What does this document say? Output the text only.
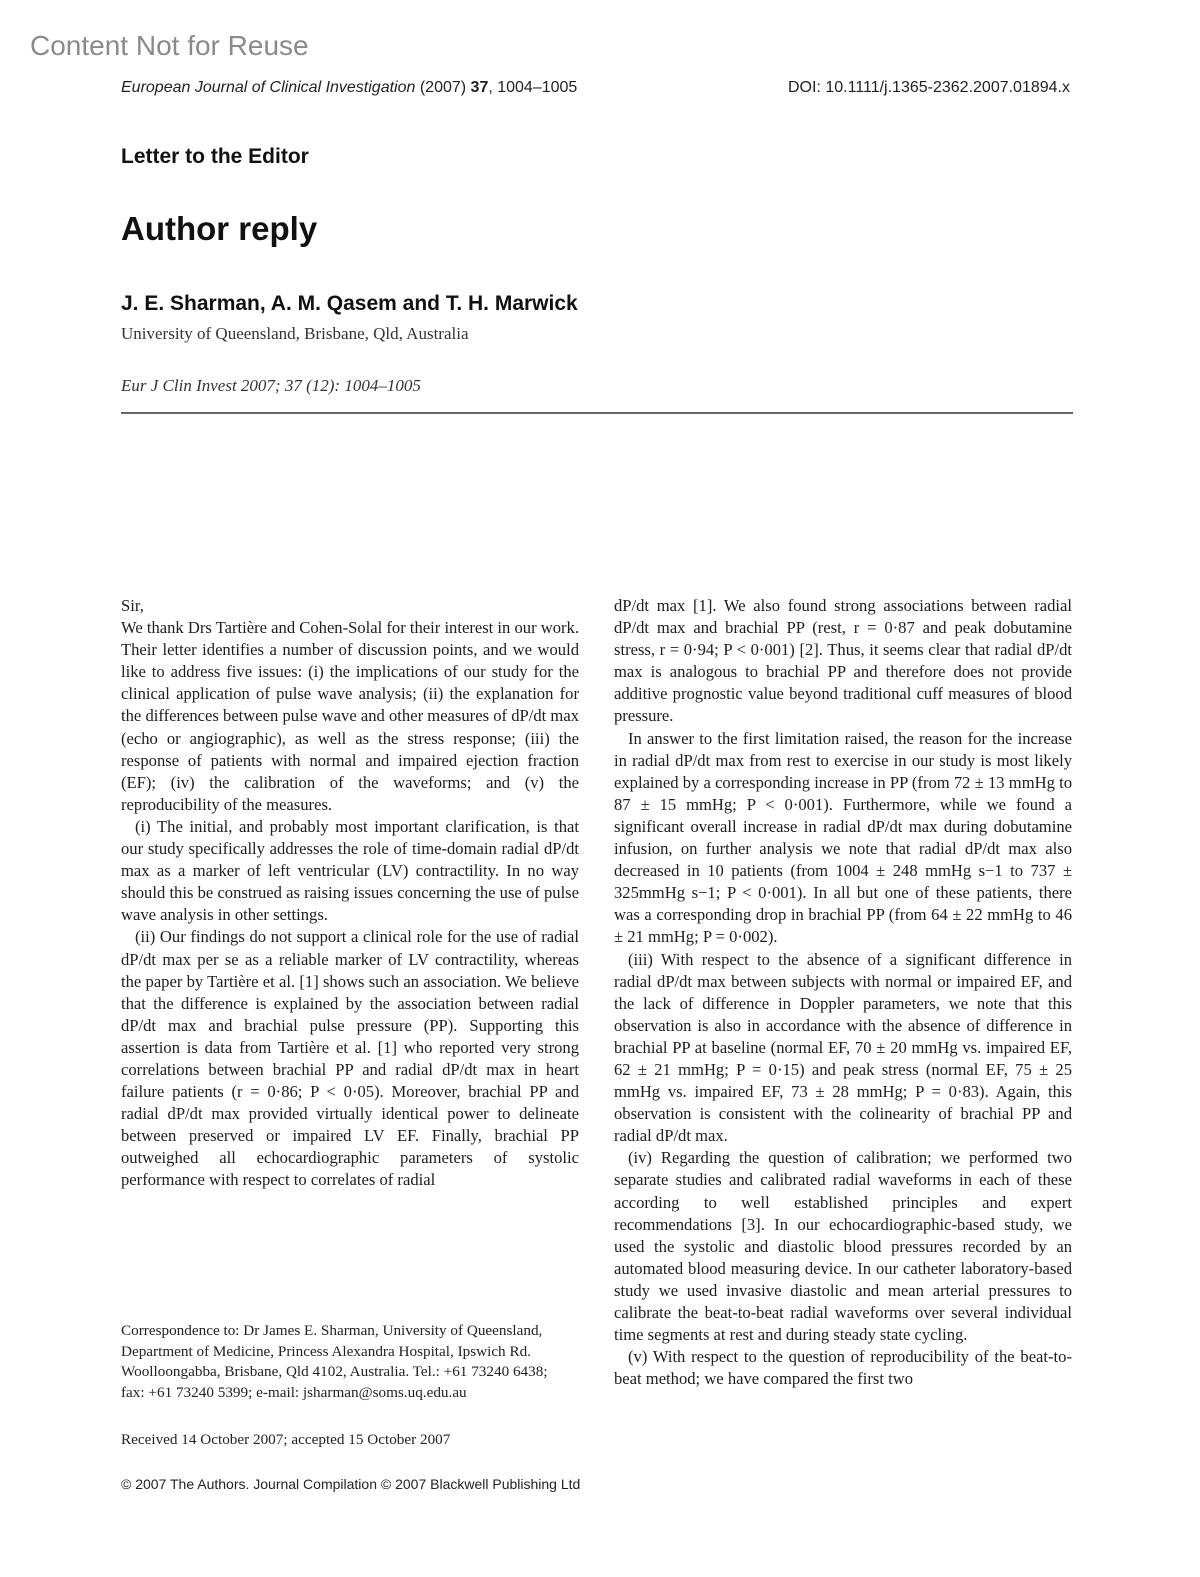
Content Not for Reuse
European Journal of Clinical Investigation (2007) 37, 1004–1005	DOI: 10.1111/j.1365-2362.2007.01894.x
Letter to the Editor
Author reply
J. E. Sharman, A. M. Qasem and T. H. Marwick
University of Queensland, Brisbane, Qld, Australia
Eur J Clin Invest 2007; 37 (12): 1004–1005

Sir,

We thank Drs Tartière and Cohen-Solal for their interest in our work. Their letter identifies a number of discussion points, and we would like to address five issues: (i) the implications of our study for the clinical application of pulse wave analysis; (ii) the explanation for the differences between pulse wave and other measures of dP/dt max (echo or angiographic), as well as the stress response; (iii) the response of patients with normal and impaired ejection fraction (EF); (iv) the calibration of the waveforms; and (v) the reproducibility of the measures.

(i) The initial, and probably most important clarification, is that our study specifically addresses the role of time-domain radial dP/dt max as a marker of left ventricular (LV) contractility. In no way should this be construed as raising issues concerning the use of pulse wave analysis in other settings.

(ii) Our findings do not support a clinical role for the use of radial dP/dt max per se as a reliable marker of LV contractility, whereas the paper by Tartière et al. [1] shows such an association. We believe that the difference is explained by the association between radial dP/dt max and brachial pulse pressure (PP). Supporting this assertion is data from Tartière et al. [1] who reported very strong correlations between brachial PP and radial dP/dt max in heart failure patients (r = 0·86; P < 0·05). Moreover, brachial PP and radial dP/dt max provided virtually identical power to delineate between preserved or impaired LV EF. Finally, brachial PP outweighed all echocardiographic parameters of systolic performance with respect to correlates of radial

dP/dt max [1]. We also found strong associations between radial dP/dt max and brachial PP (rest, r = 0·87 and peak dobutamine stress, r = 0·94; P < 0·001) [2]. Thus, it seems clear that radial dP/dt max is analogous to brachial PP and therefore does not provide additive prognostic value beyond traditional cuff measures of blood pressure.

In answer to the first limitation raised, the reason for the increase in radial dP/dt max from rest to exercise in our study is most likely explained by a corresponding increase in PP (from 72 ± 13 mmHg to 87 ± 15 mmHg; P < 0·001). Furthermore, while we found a significant overall increase in radial dP/dt max during dobutamine infusion, on further analysis we note that radial dP/dt max also decreased in 10 patients (from 1004 ± 248 mmHg s−1 to 737 ± 325mmHg s−1; P < 0·001). In all but one of these patients, there was a corresponding drop in brachial PP (from 64 ± 22 mmHg to 46 ± 21 mmHg; P = 0·002).

(iii) With respect to the absence of a significant difference in radial dP/dt max between subjects with normal or impaired EF, and the lack of difference in Doppler parameters, we note that this observation is also in accordance with the absence of difference in brachial PP at baseline (normal EF, 70 ± 20 mmHg vs. impaired EF, 62 ± 21 mmHg; P = 0·15) and peak stress (normal EF, 75 ± 25 mmHg vs. impaired EF, 73 ± 28 mmHg; P = 0·83). Again, this observation is consistent with the colinearity of brachial PP and radial dP/dt max.

(iv) Regarding the question of calibration; we performed two separate studies and calibrated radial waveforms in each of these according to well established principles and expert recommendations [3]. In our echocardiographic-based study, we used the systolic and diastolic blood pressures recorded by an automated blood measuring device. In our catheter laboratory-based study we used invasive diastolic and mean arterial pressures to calibrate the beat-to-beat radial waveforms over several individual time segments at rest and during steady state cycling.

(v) With respect to the question of reproducibility of the beat-to-beat method; we have compared the first two

Correspondence to: Dr James E. Sharman, University of Queensland, Department of Medicine, Princess Alexandra Hospital, Ipswich Rd. Woolloongabba, Brisbane, Qld 4102, Australia. Tel.: +61 73240 6438; fax: +61 73240 5399; e-mail: jsharman@soms.uq.edu.au
Received 14 October 2007; accepted 15 October 2007
© 2007 The Authors. Journal Compilation © 2007 Blackwell Publishing Ltd
